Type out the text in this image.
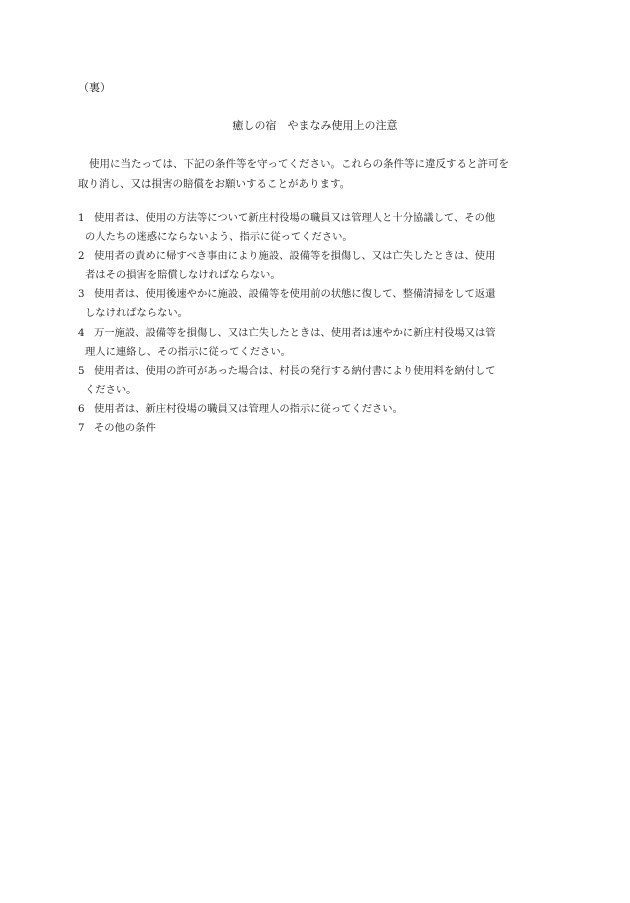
（裏）
癒しの宿　やまなみ使用上の注意
使用に当たっては、下記の条件等を守ってください。これらの条件等に違反すると許可を
取り消し、又は損害の賠償をお願いすることがあります。
1 使用者は、使用の方法等について新庄村役場の職員又は管理人と十分協議して、その他
の人たちの迷惑にならないよう、指示に従ってください。
2 使用者の責めに帰すべき事由により施設、設備等を損傷し、又は亡失したときは、使用
者はその損害を賠償しなければならない。
3 使用者は、使用後速やかに施設、設備等を使用前の状態に復して、整備清掃をして返還
しなければならない。
4 万一施設、設備等を損傷し、又は亡失したときは、使用者は速やかに新庄村役場又は管
理人に連絡し、その指示に従ってください。
5 使用者は、使用の許可があった場合は、村長の発行する納付書により使用料を納付して
ください。
6 使用者は、新庄村役場の職員又は管理人の指示に従ってください。
7 その他の条件
